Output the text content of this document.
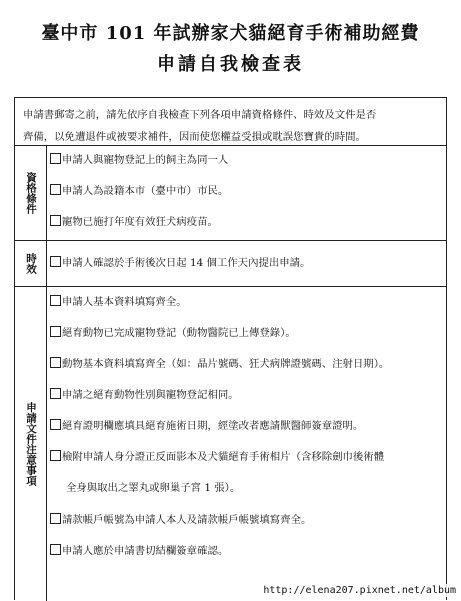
臺中市 101 年試辦家犬貓絕育手術補助經費
申請自我檢查表
申請書郵寄之前，請先依序自我檢查下列各項申請資格條件、時效及文件是否
齊備，以免遭退件或被要求補件，因而使您權益受損或耽誤您寶貴的時間。
資格條件
申請人與寵物登記上的飼主為同一人
申請人為設籍本市（臺中市）市民。
寵物已施打年度有效狂犬病疫苗。
時效	申請人確認於手術後次日起 14 個工作天內提出申請。
申請文件注意事項
申請人基本資料填寫齊全。
絕育動物已完成寵物登記（動物醫院已上傳登錄）。
動物基本資料填寫齊全（如：晶片號碼、狂犬病牌證號碼、注射日期）。
申請之絕育動物性別與寵物登記相同。
絕育證明欄應填具絕育施術日期，經塗改者應請獸醫師簽章證明。
檢附申請人身分證正反面影本及犬貓絕育手術相片（含移除劍巾後術體
全身與取出之睪丸或卵巢子宮 1 張）。
請款帳戶帳號為申請人本人及請款帳戶帳號填寫齊全。
申請人應於申請書切結欄簽章確認。
http://elena207.pixnet.net/album
